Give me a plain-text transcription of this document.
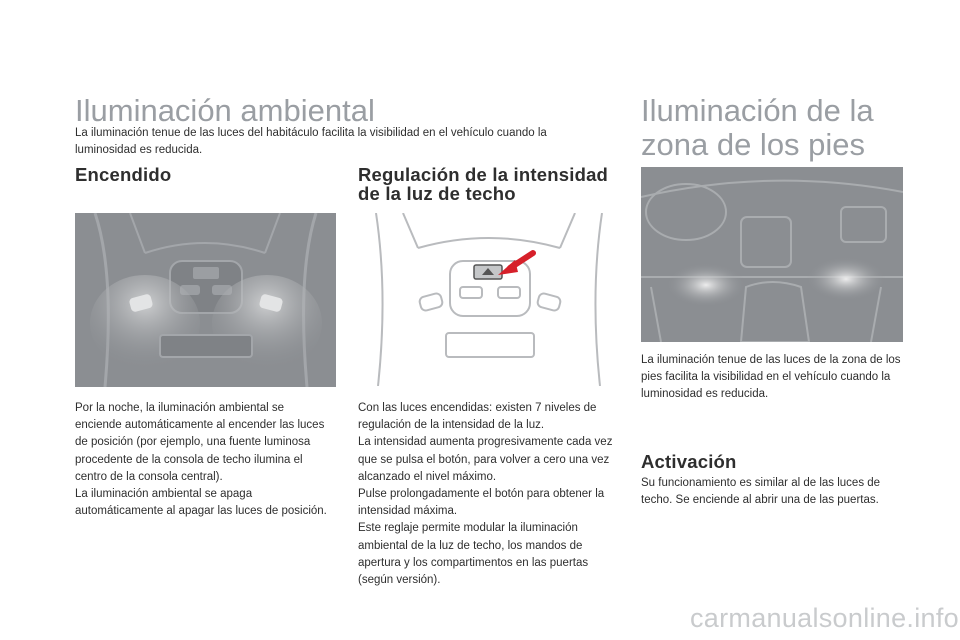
Iluminación ambiental
La iluminación tenue de las luces del habitáculo facilita la visibilidad en el vehículo cuando la luminosidad es reducida.
Encendido

Por la noche, la iluminación ambiental se enciende automáticamente al encender las luces de posición (por ejemplo, una fuente luminosa procedente de la consola de techo ilumina el centro de la consola central).

La iluminación ambiental se apaga automáticamente al apagar las luces de posición.

Regulación de la intensidad
de la luz de techo

Con las luces encendidas: existen 7 niveles de regulación de la intensidad de la luz.

La intensidad aumenta progresivamente cada vez que se pulsa el botón, para volver a cero una vez alcanzado el nivel máximo.

Pulse prolongadamente el botón para obtener la intensidad máxima.

Este reglaje permite modular la iluminación ambiental de la luz de techo, los mandos de apertura y los compartimentos en las puertas (según versión).

Iluminación de la
zona de los pies
La iluminación tenue de las luces de la zona de los pies facilita la visibilidad en el vehículo cuando la luminosidad es reducida.
Activación
Su funcionamiento es similar al de las luces de techo. Se enciende al abrir una de las puertas.
carmanualsonline.info
